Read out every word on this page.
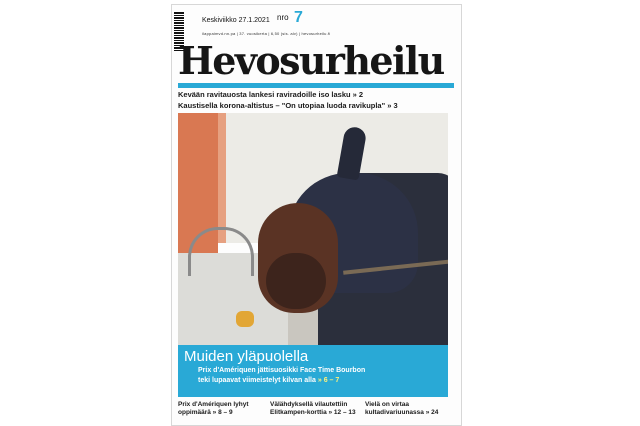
Keskiviikko 27.1.2021 nro 7
ilappaimvd.nn.pa | 37. vuosikerta | 6,50 (sis. alv) | hevosurheilu.fi
Hevosurheilu
Kevään ravitauosta lankesi raviradoille iso lasku » 2
Kaustisella korona-altistus – "On utopiaa luoda ravikupla" » 3
Muiden yläpuolella
Prix d'Amériquen jättisuosikki Face Time Bourbon
teki lupaavat viimeistelyt kilvan alla » 6 – 7
Prix d'Amériquen lyhyt oppimäärä » 8 – 9
Välähdyksellä vilautettiin Elitkampen-korttia » 12 – 13
Vielä on virtaa kultadivariuunassa » 24
